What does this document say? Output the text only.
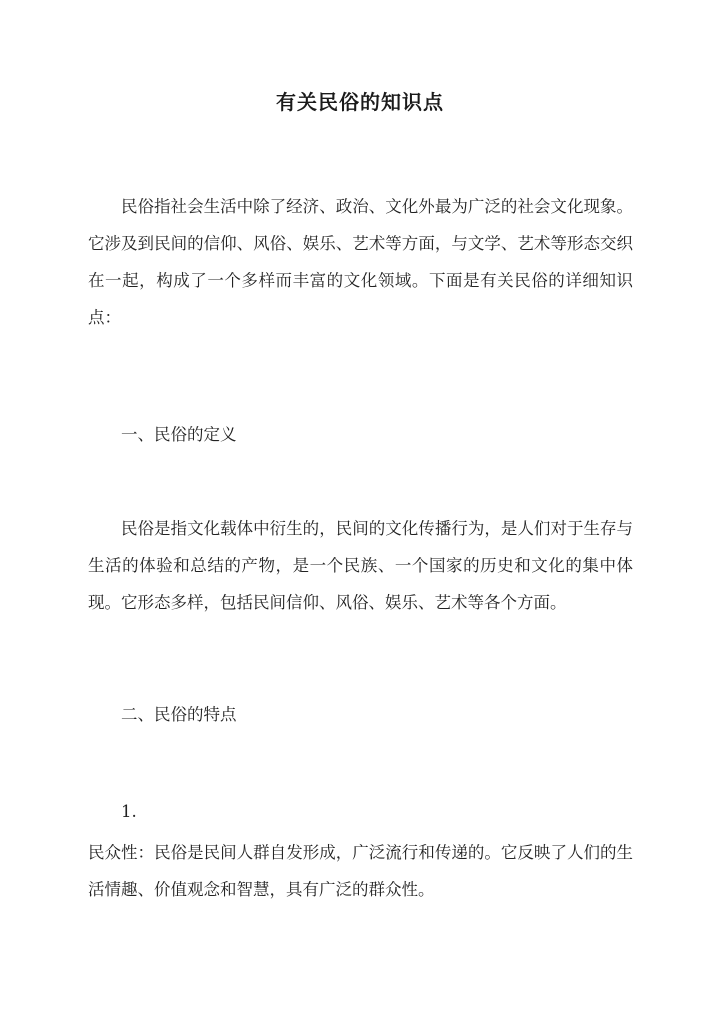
有关民俗的知识点

民俗指社会生活中除了经济、政治、文化外最为广泛的社会文化现象。它涉及到民间的信仰、风俗、娱乐、艺术等方面，与文学、艺术等形态交织在一起，构成了一个多样而丰富的文化领域。下面是有关民俗的详细知识点：

一、民俗的定义

民俗是指文化载体中衍生的，民间的文化传播行为，是人们对于生存与生活的体验和总结的产物，是一个民族、一个国家的历史和文化的集中体现。它形态多样，包括民间信仰、风俗、娱乐、艺术等各个方面。

二、民俗的特点

1.

民众性：民俗是民间人群自发形成，广泛流行和传递的。它反映了人们的生活情趣、价值观念和智慧，具有广泛的群众性。
